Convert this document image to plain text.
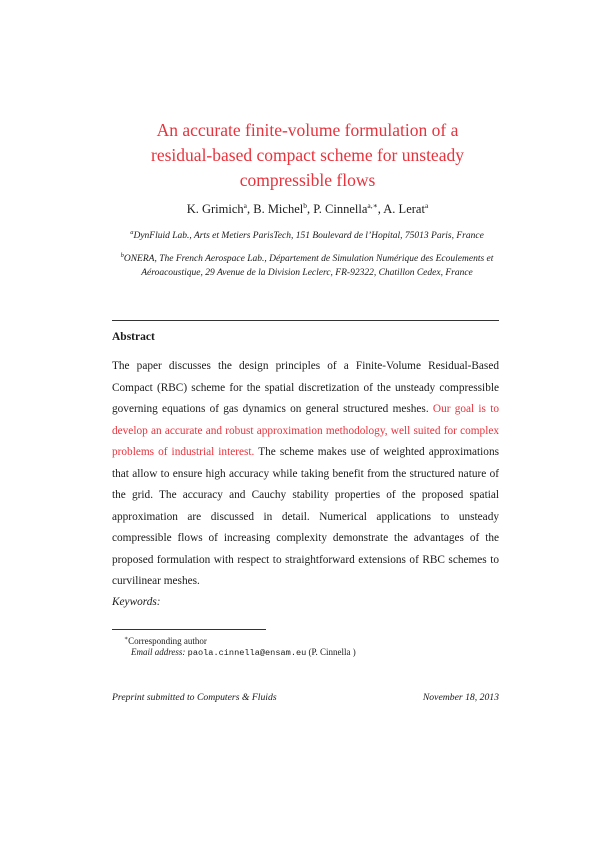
An accurate finite-volume formulation of a
residual-based compact scheme for unsteady
compressible flows
K. Grimich$^a$, B. Michel$^b$, P. Cinnella$^{a,∗}$, A. Lerat$^a$
$^a$DynFluid Lab., Arts et Metiers ParisTech, 151 Boulevard de l’Hopital, 75013 Paris, France
$^b$ONERA, The French Aerospace Lab., Département de Simulation Numérique des Ecoulements et Aéroacoustique, 29 Avenue de la Division Leclerc, FR-92322, Chatillon Cedex, France
Abstract
The paper discusses the design principles of a Finite-Volume Residual-Based Compact (RBC) scheme for the spatial discretization of the unsteady compressible governing equations of gas dynamics on general structured meshes. Our goal is to develop an accurate and robust approximation methodology, well suited for complex problems of industrial interest. The scheme makes use of weighted approximations that allow to ensure high accuracy while taking benefit from the structured nature of the grid. The accuracy and Cauchy stability properties of the proposed spatial approximation are discussed in detail. Numerical applications to unsteady compressible flows of increasing complexity demonstrate the advantages of the proposed formulation with respect to straightforward extensions of RBC schemes to curvilinear meshes.
Keywords:
∗Corresponding author
Email address: paola.cinnella@ensam.eu (P. Cinnella )
Preprint submitted to Computers & Fluids	November 18, 2013
